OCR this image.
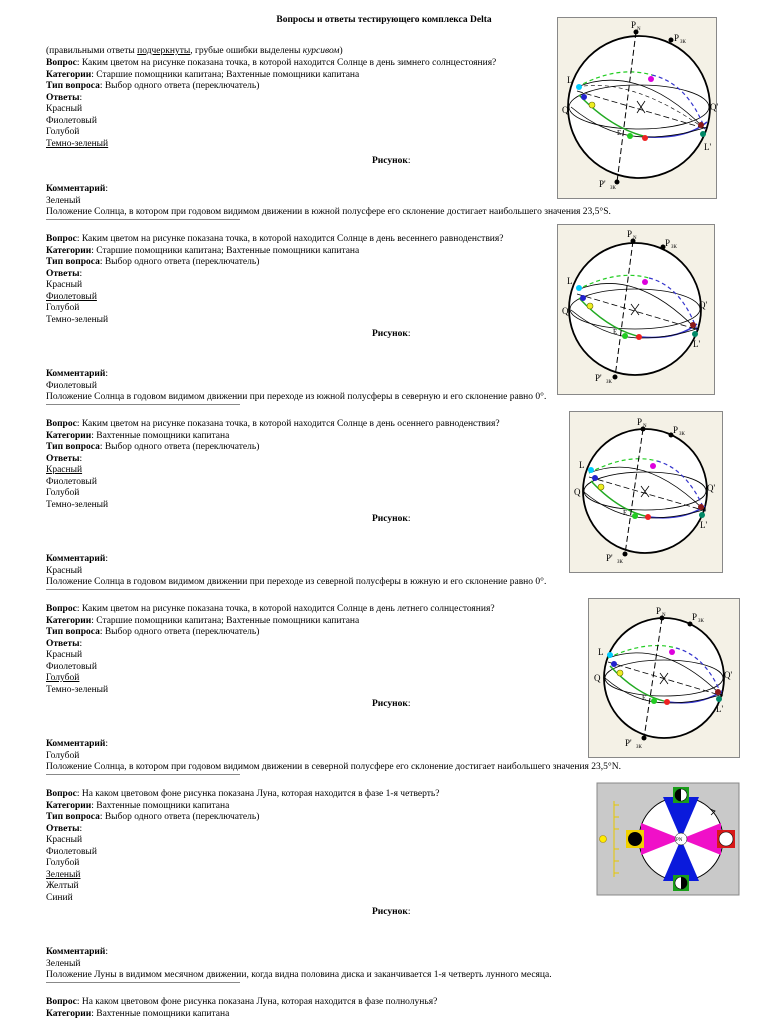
Вопросы и ответы тестирующего комплекса Delta
(правильными ответы подчеркнуты, грубые ошибки выделены курсивом)
Вопрос: Каким цветом на рисунке показана точка, в которой находится Солнце в день зимнего солнцестояния?
Категории: Старшие помощники капитана; Вахтенные помощники капитана
Тип вопроса: Выбор одного ответа (переключатель)
Ответы:
Красный
Фиолетовый
Голубой
Темно-зеленый
Рисунок:
Комментарий:
Зеленый
Положение Солнца, в котором при годовом видимом движении в южной полусфере его склонение достигает наибольшего значения 23,5°S.
Вопрос: Каким цветом на рисунке показана точка, в которой находится Солнце в день весеннего равноденствия?
Категории: Старшие помощники капитана; Вахтенные помощники капитана
Тип вопроса: Выбор одного ответа (переключатель)
Ответы:
Красный
Фиолетовый
Голубой
Темно-зеленый
Рисунок:
Комментарий:
Фиолетовый
Положение Солнца в годовом видимом движении при переходе из южной полусферы в северную и его склонение равно 0°.
Вопрос: Каким цветом на рисунке показана точка, в которой находится Солнце в день осеннего равноденствия?
Категории: Вахтенные помощники капитана
Тип вопроса: Выбор одного ответа (переключатель)
Ответы:
Красный
Фиолетовый
Голубой
Темно-зеленый
Рисунок:
Комментарий:
Красный
Положение Солнца в годовом видимом движении при переходе из северной полусферы в южную и его склонение равно 0°.
Вопрос: Каким цветом на рисунке показана точка, в которой находится Солнце в день летнего солнцестояния?
Категории: Старшие помощники капитана; Вахтенные помощники капитана
Тип вопроса: Выбор одного ответа (переключатель)
Ответы:
Красный
Фиолетовый
Голубой
Темно-зеленый
Рисунок:
Комментарий:
Голубой
Положение Солнца, в котором при годовом видимом движении в северной полусфере его склонение достигает наибольшего значения 23,5°N.
Вопрос: На каком цветовом фоне рисунка показана Луна, которая находится в фазе 1-я четверть?
Категории: Вахтенные помощники капитана
Тип вопроса: Выбор одного ответа (переключатель)
Ответы:
Красный
Фиолетовый
Голубой
Зеленый
Желтый
Синий
Рисунок:
Комментарий:
Зеленый
Положение Луны в видимом месячном движении, когда видна половина диска и заканчивается 1-я четверть лунного месяца.
Вопрос: На каком цветовом фоне рисунка показана Луна, которая находится в фазе полнолунья?
Категории: Вахтенные помощники капитана
P N
P ЗК
L
Q	Q'
L'
P' ЗК
E
P N	P ЗК
L
Q
Q'
L'
P' ЗК
E
P N	P ЗК
L
Q	Q'
L'
P' ЗК
E
P N	P ЗК
L
Q	Q'
L'
P' ЗК
E
PN
